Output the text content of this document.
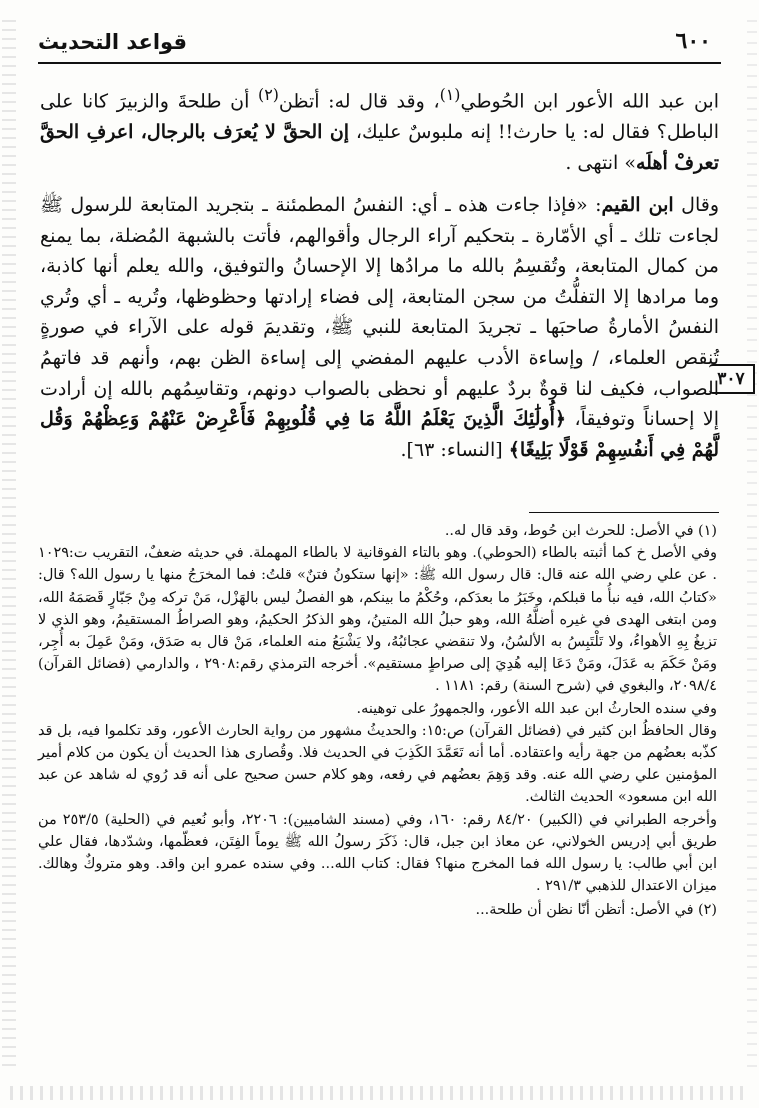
٦٠٠
قواعد التحديث
٣٠٧

ابن عبد الله الأعور ابن الحُوطي$^{(١)}$، وقد قال له: أتظن$^{(٢)}$ أن طلحةَ والزبيرَ كانا على الباطل؟ فقال له: يا حارث!! إنه ملبوسٌ عليك، إن الحقَّ لا يُعرَف بالرجال، اعرفِ الحقَّ تعرفْ أهلَه» انتهى .

وقال ابن القيم: «فإذا جاءت هذه ـ أي: النفسُ المطمئنة ـ بتجريد المتابعة للرسول ﷺ لجاءت تلك ـ أي الأمّارة ـ بتحكيم آراء الرجال وأقوالهم، فأتت بالشبهة المُضلة، بما يمنع من كمال المتابعة، وتُقسِمُ بالله ما مرادُها إلا الإحسانُ والتوفيق، والله يعلم أنها كاذبة، وما مرادها إلا التفلُّتُ من سجن المتابعة، إلى فضاء إرادتها وحظوظها، وتُريه ـ أي وتُري النفسُ الأمارةُ صاحبَها ـ تجريدَ المتابعة للنبي ﷺ، وتقديمَ قوله على الآراء في صورةٍ تُنقص العلماء، / وإساءة الأدب عليهم المفضي إلى إساءة الظن بهم، وأنهم قد فاتهمُ الصواب، فكيف لنا قوةٌ بردٌ عليهم أو نحظى بالصواب دونهم، وتقاسِمُهم بالله إن أرادت إلا إحساناً وتوفيقاً، ﴿أُولَٰئِكَ الَّذِينَ يَعْلَمُ اللَّهُ مَا فِي قُلُوبِهِمْ فَأَعْرِضْ عَنْهُمْ وَعِظْهُمْ وَقُل لَّهُمْ فِي أَنفُسِهِمْ قَوْلًا بَلِيغًا﴾ [النساء: ٦٣].

(١) في الأصل: للحرث ابن حُوط، وقد قال له..

وفي الأصل خ كما أثبته بالطاء (الحوطي). وهو بالتاء الفوقانية لا بالطاء المهملة. في حديثه ضعفٌ، التقريب ت:١٠٢٩ . عن علي رضي الله عنه قال: قال رسول الله ﷺ: «إنها ستكونُ فتنٌ» قلتُ: فما المخرَجُ منها يا رسول الله؟ قال: «كتابُ الله، فيه نبأُ ما قبلكم، وخَبَرُ ما بعدَكم، وحُكْمُ ما بينكم، هو الفصلُ ليس بالهَزْل، مَنْ تركه مِنْ جَبّارٍ قَصَمَهُ الله، ومن ابتغى الهدى في غيره أضلَّهُ الله، وهو حبلُ الله المتينُ، وهو الذكرُ الحكيمُ، وهو الصراطُ المستقيمُ، وهو الذي لا تزيغُ بِهِ الأهواءُ، ولا تَلْتَبِسُ به الألسُنُ، ولا تنقضي عجائبُهُ، ولا يَشْبَعُ منه العلماء، مَنْ قال به صَدَق، ومَنْ عَمِلَ به أُجِر، ومَنْ حَكَمَ به عَدَلَ، ومَنْ دَعَا إليه هُدِيَ إلى صراطٍ مستقيم». أخرجه الترمذي رقم:٢٩٠٨ ، والدارمي (فضائل القرآن) ٢٠٩٨/٤، والبغوي في (شرح السنة) رقم: ١١٨١ .

وفي سنده الحارثُ ابن عبد الله الأعور، والجمهورُ على توهينه.

وقال الحافظُ ابن كثير في (فضائل القرآن) ص:١٥: والحديثُ مشهور من رواية الحارث الأعور، وقد تكلموا فيه، بل قد كذّبه بعضُهم من جهة رأيه واعتقاده. أما أنه تَعَمَّدَ الكَذِبَ في الحديث فلا. وقُصارى هذا الحديث أن يكون من كلام أمير المؤمنين علي رضي الله عنه. وقد وَهِمَ بعضُهم في رفعه، وهو كلام حسن صحيح على أنه قد رُوي له شاهد عن عبد الله ابن مسعود» الحديث الثالث.

وأخرجه الطبراني في (الكبير) ٨٤/٢٠ رقم: ١٦٠، وفي (مسند الشاميين): ٢٢٠٦، وأبو نُعيم في (الحلية) ٢٥٣/٥ من طريق أبي إدريس الخولاني، عن معاذ ابن جبل، قال: ذَكَرَ رسولُ الله ﷺ يوماً الفِتَن، فعظّمها، وشدّدها، فقال علي ابن أبي طالب: يا رسول الله فما المخرج منها؟ فقال: كتاب الله... وفي سنده عمرو ابن واقد. وهو متروكٌ وهالك. ميزان الاعتدال للذهبي ٢٩١/٣ .

(٢) في الأصل: أتظن أنّا نظن أن طلحة...
